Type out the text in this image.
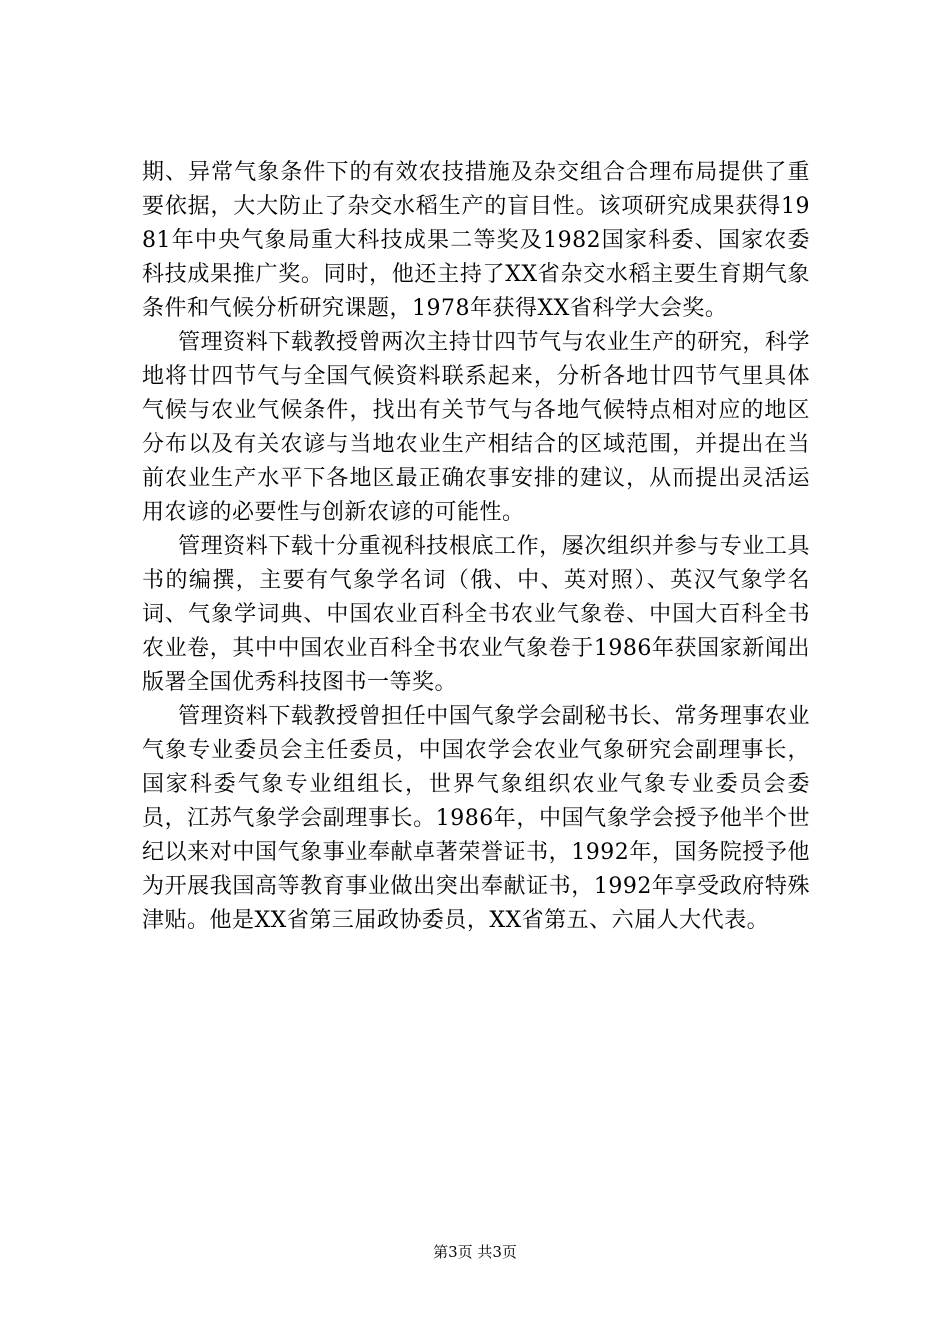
期、异常气象条件下的有效农技措施及杂交组合合理布局提供了重要依据，大大防止了杂交水稻生产的盲目性。该项研究成果获得1981年中央气象局重大科技成果二等奖及1982国家科委、国家农委科技成果推广奖。同时，他还主持了XX省杂交水稻主要生育期气象条件和气候分析研究课题，1978年获得XX省科学大会奖。

管理资料下载教授曾两次主持廿四节气与农业生产的研究，科学地将廿四节气与全国气候资料联系起来，分析各地廿四节气里具体气候与农业气候条件，找出有关节气与各地气候特点相对应的地区分布以及有关农谚与当地农业生产相结合的区域范围，并提出在当前农业生产水平下各地区最正确农事安排的建议，从而提出灵活运用农谚的必要性与创新农谚的可能性。

管理资料下载十分重视科技根底工作，屡次组织并参与专业工具书的编撰，主要有气象学名词（俄、中、英对照）、英汉气象学名词、气象学词典、中国农业百科全书农业气象卷、中国大百科全书农业卷，其中中国农业百科全书农业气象卷于1986年获国家新闻出版署全国优秀科技图书一等奖。

管理资料下载教授曾担任中国气象学会副秘书长、常务理事农业气象专业委员会主任委员，中国农学会农业气象研究会副理事长，国家科委气象专业组组长，世界气象组织农业气象专业委员会委员，江苏气象学会副理事长。1986年，中国气象学会授予他半个世纪以来对中国气象事业奉献卓著荣誉证书，1992年，国务院授予他为开展我国高等教育事业做出突出奉献证书，1992年享受政府特殊津贴。他是XX省第三届政协委员，XX省第五、六届人大代表。

第3页 共3页
